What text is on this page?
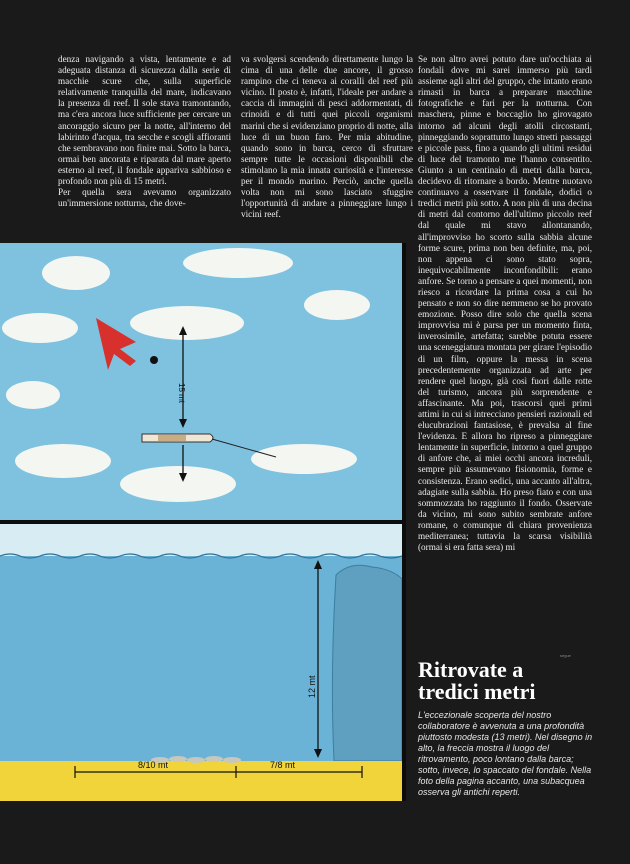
denza navigando a vista, lentamente e ad adeguata distanza di sicurezza dalla serie di macchie scure che, sulla superficie relativamente tranquilla del mare, indicavano la presenza di reef. Il sole stava tramontando, ma c'era ancora luce sufficiente per cercare un ancoraggio sicuro per la notte, all'interno del labirinto d'acqua, tra secche e scogli affioranti che sembravano non finire mai. Sotto la barca, ormai ben ancorata e riparata dal mare aperto esterno al reef, il fondale appariva sabbioso e profondo non più di 15 metri.

Per quella sera avevamo organizzato un'immersione notturna, che dove-

va svolgersi scendendo direttamente lungo la cima di una delle due ancore, il grosso rampino che ci teneva ai coralli del reef più vicino. Il posto è, infatti, l'ideale per andare a caccia di immagini di pesci addormentati, di crinoidi e di tutti quei piccoli organismi marini che si evidenziano proprio di notte, alla luce di un buon faro. Per mia abitudine, quando sono in barca, cerco di sfruttare sempre tutte le occasioni disponibili che stimolano la mia innata curiosità e l'interesse per il mondo marino. Perciò, anche quella volta non mi sono lasciato sfuggire l'opportunità di andare a pinneggiare lungo i vicini reef.

Se non altro avrei potuto dare un'occhiata ai fondali dove mi sarei immerso più tardi assieme agli altri del gruppo, che intanto erano rimasti in barca a preparare macchine fotografiche e fari per la notturna. Con maschera, pinne e boccaglio ho girovagato intorno ad alcuni degli atolli circostanti, pinneggiando soprattutto lungo stretti passaggi e piccole pass, fino a quando gli ultimi residui di luce del tramonto me l'hanno consentito. Giunto a un centinaio di metri dalla barca, decidevo di ritornare a bordo. Mentre nuotavo continuavo a osservare il fondale, dodici o tredici metri più sotto. A non più di una decina di metri dal contorno dell'ultimo piccolo reef dal quale mi stavo allontanando, all'improvviso ho scorto sulla sabbia alcune forme scure, prima non ben definite, ma, poi, non appena ci sono stato sopra, inequivocabilmente inconfondibili: erano anfore. Se torno a pensare a quei momenti, non riesco a ricordare la prima cosa a cui ho pensato e non so dire nemmeno se ho provato emozione. Posso dire solo che quella scena improvvisa mi è parsa per un momento finta, inverosimile, artefatta; sarebbe potuta essere una sceneggiatura montata per girare l'episodio di un film, oppure la messa in scena precedentemente organizzata ad arte per rendere quel luogo, già così fuori dalle rotte del turismo, ancora più sorprendente e affascinante. Ma poi, trascorsi quei primi attimi in cui si intrecciano pensieri razionali ed elucubrazioni fantasiose, è prevalsa al fine l'evidenza. E allora ho ripreso a pinneggiare lentamente in superficie, intorno a quel gruppo di anfore che, ai miei occhi ancora increduli, sempre più assumevano fisionomia, forme e consistenza. Erano sedici, una accanto all'altra, adagiate sulla sabbia. Ho preso fiato e con una sommozzata ho raggiunto il fondo. Osservate da vicino, mi sono subito sembrate anfore romane, o comunque di chiara provenienza mediterranea; tuttavia la scarsa visibilità (ormai si era fatta sera) mi

segue
15 mt
12 mt
8/10 mt	7/8 mt
Ritrovate a
tredici metri
L'eccezionale scoperta del nostro collaboratore è avvenuta a una profondità piuttosto modesta (13 metri). Nel disegno in alto, la freccia mostra il luogo del ritrovamento, poco lontano dalla barca; sotto, invece, lo spaccato del fondale. Nella foto della pagina accanto, una subacquea osserva gli antichi reperti.
